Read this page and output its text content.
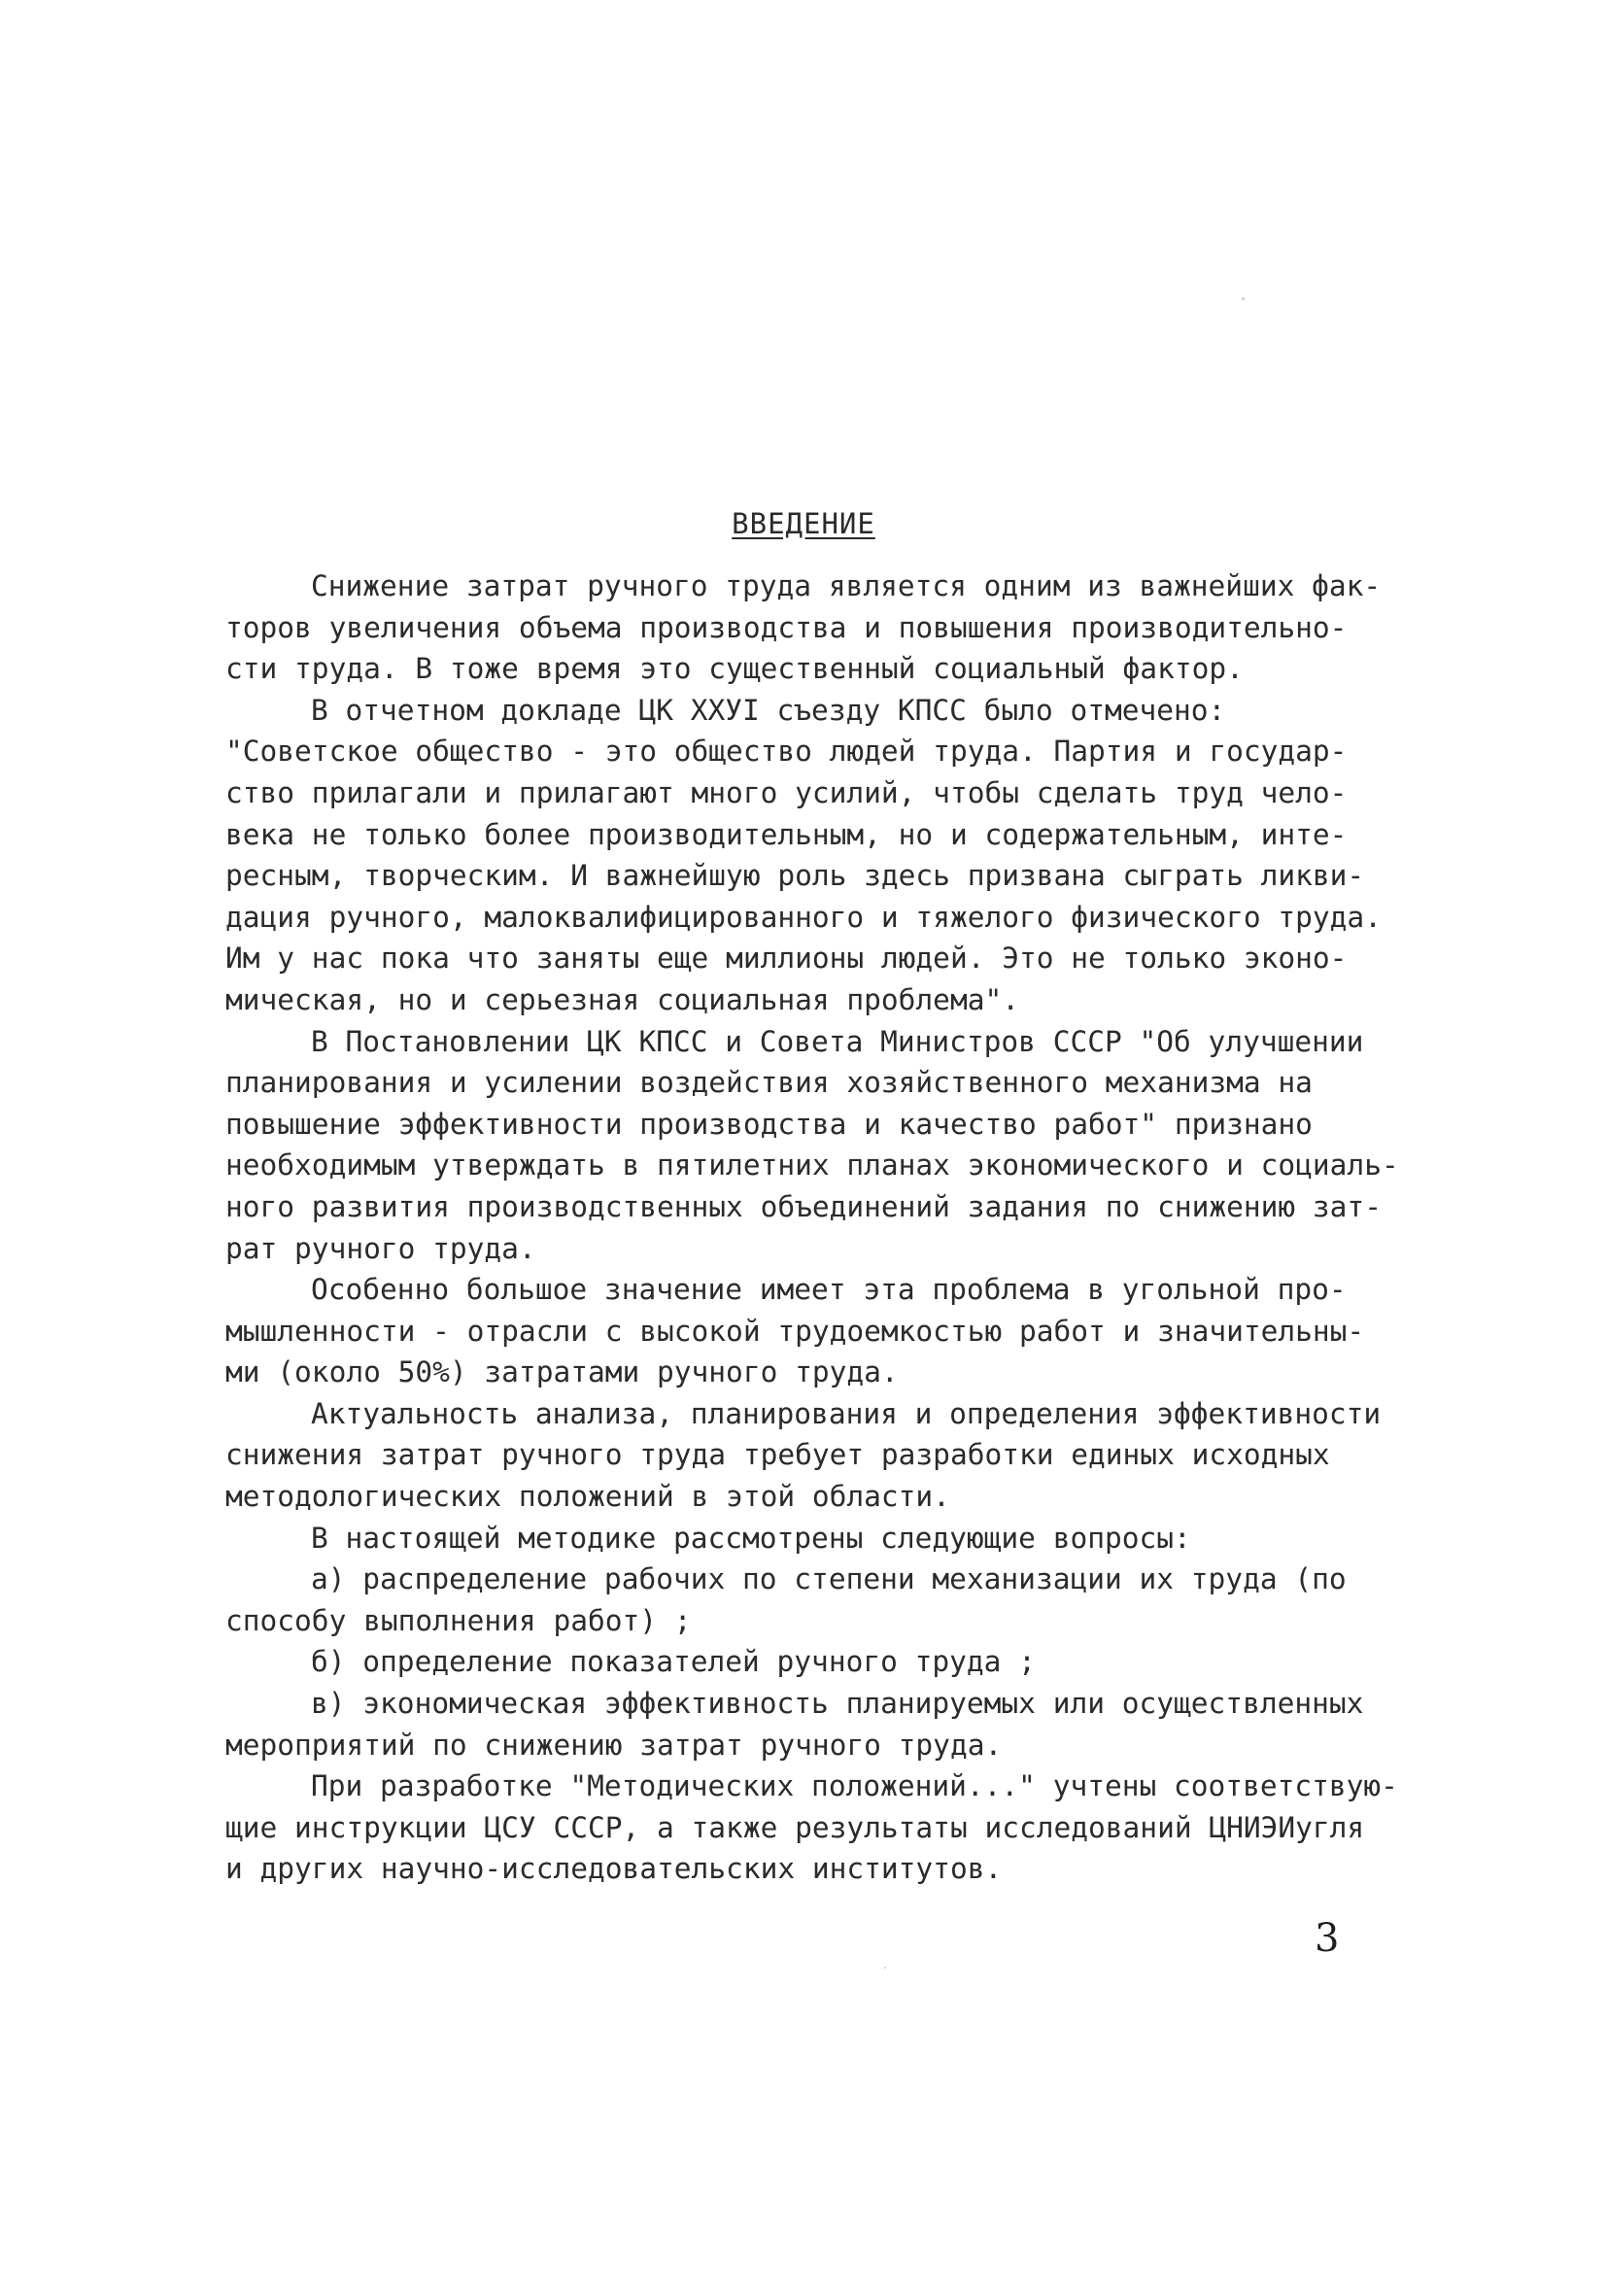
ВВЕДЕНИЕ
Снижение затрат ручного труда является одним из важнейших фак-
торов увеличения объема производства и повышения производительно-
сти труда. В тоже время это существенный социальный фактор.
В отчетном докладе ЦК ХХУI съезду КПСС было отмечено:
"Советское общество - это общество людей труда. Партия и государ-
ство прилагали и прилагают много усилий, чтобы сделать труд чело-
века не только более производительным, но и содержательным, инте-
ресным, творческим. И важнейшую роль здесь призвана сыграть ликви-
дация ручного, малоквалифицированного и тяжелого физического труда.
Им у нас пока что заняты еще миллионы людей. Это не только эконо-
мическая, но и серьезная социальная проблема".
В Постановлении ЦК КПСС и Совета Министров СССР "Об улучшении
планирования и усилении воздействия хозяйственного механизма на
повышение эффективности производства и качество работ" признано
необходимым утверждать в пятилетних планах экономического и социаль-
ного развития производственных объединений задания по снижению зат-
рат ручного труда.
Особенно большое значение имеет эта проблема в угольной про-
мышленности - отрасли с высокой трудоемкостью работ и значительны-
ми (около 50%) затратами ручного труда.
Актуальность анализа, планирования и определения эффективности
снижения затрат ручного труда требует разработки единых исходных
методологических положений в этой области.
В настоящей методике рассмотрены следующие вопросы:
а) распределение рабочих по степени механизации их труда (по
способу выполнения работ) ;
б) определение показателей ручного труда ;
в) экономическая эффективность планируемых или осуществленных
мероприятий по снижению затрат ручного труда.
При разработке "Методических положений..." учтены соответствую-
щие инструкции ЦСУ СССР, а также результаты исследований ЦНИЭИугля
и других научно-исследовательских институтов.
3
